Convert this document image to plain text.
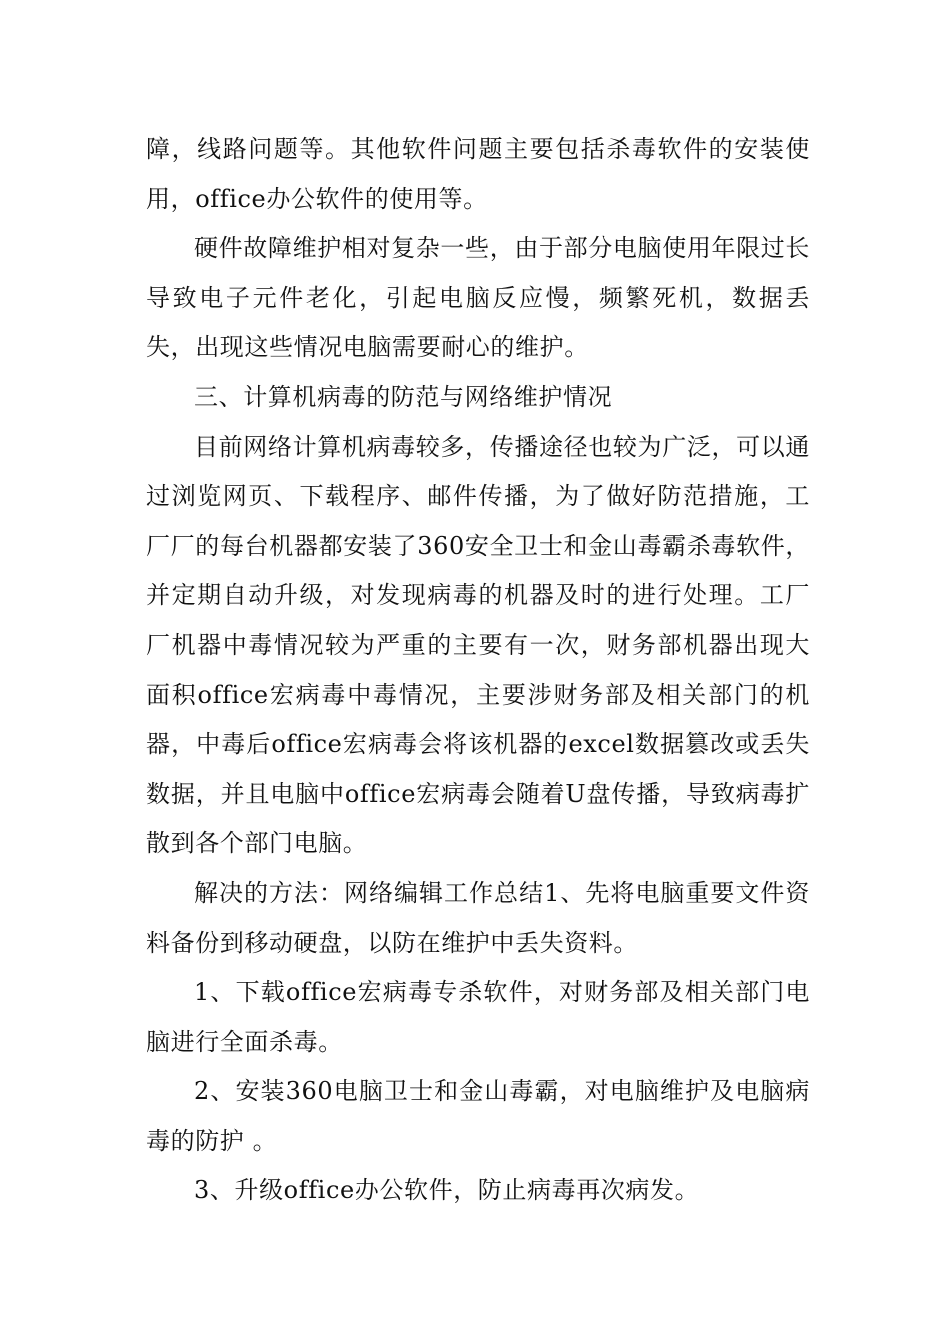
障，线路问题等。其他软件问题主要包括杀毒软件的安装使用，office办公软件的使用等。

硬件故障维护相对复杂一些，由于部分电脑使用年限过长导致电子元件老化，引起电脑反应慢，频繁死机，数据丢失，出现这些情况电脑需要耐心的维护。

三、计算机病毒的防范与网络维护情况

目前网络计算机病毒较多，传播途径也较为广泛，可以通过浏览网页、下载程序、邮件传播，为了做好防范措施，工厂厂的每台机器都安装了360安全卫士和金山毒霸杀毒软件，并定期自动升级，对发现病毒的机器及时的进行处理。工厂厂机器中毒情况较为严重的主要有一次，财务部机器出现大面积office宏病毒中毒情况，主要涉财务部及相关部门的机器，中毒后office宏病毒会将该机器的excel数据篡改或丢失数据，并且电脑中office宏病毒会随着U盘传播，导致病毒扩散到各个部门电脑。

解决的方法：网络编辑工作总结1、先将电脑重要文件资料备份到移动硬盘，以防在维护中丢失资料。

1、下载office宏病毒专杀软件，对财务部及相关部门电脑进行全面杀毒。

2、安装360电脑卫士和金山毒霸，对电脑维护及电脑病毒的防护 。

3、升级office办公软件，防止病毒再次病发。
